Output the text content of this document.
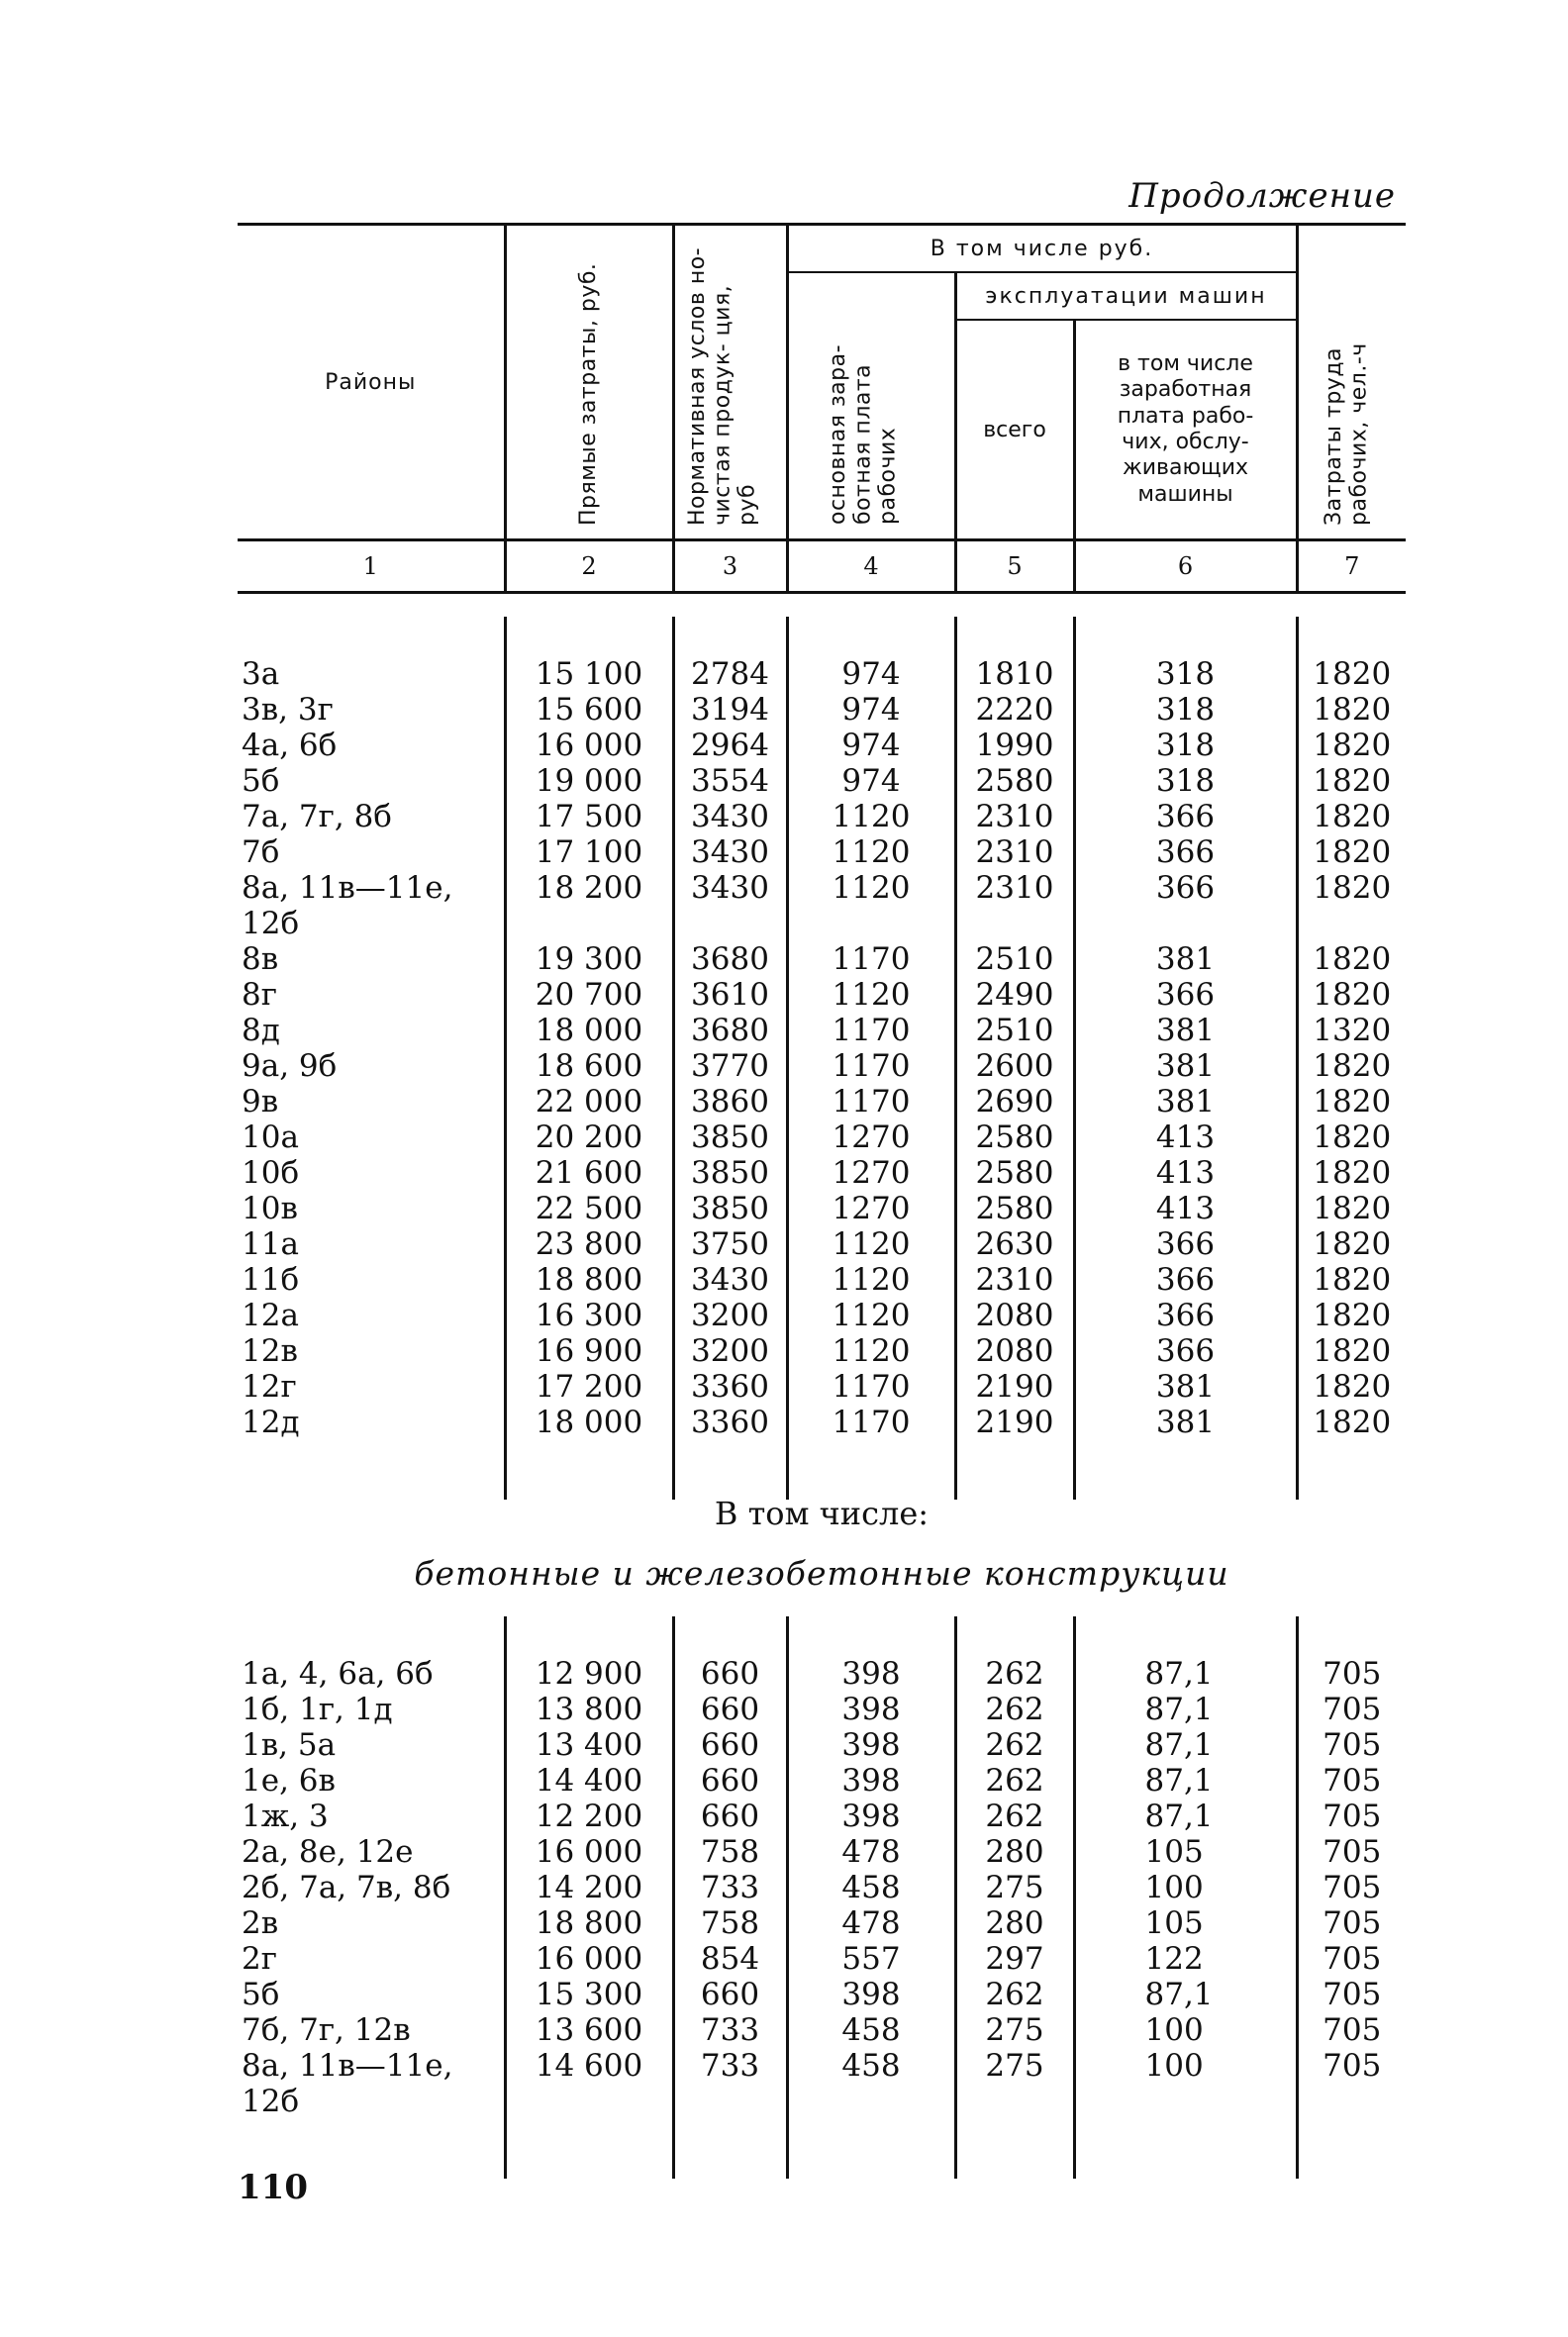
Продолжение
Районы	Прямые затраты, руб.	Нормативная услов но-чистая продук- ция, руб	В том числе руб.			Затраты труда рабочих, чел.-ч

			основная зара- ботная плата рабочих	эксплуатации машин		
				всего	в том числе заработная плата рабо- чих, обслу- живающих машины	

1	2	3	4	5	6	7

3а	15 100	2784	974	1810	318	1820
3в, 3г	15 600	3194	974	2220	318	1820
4а, 6б	16 000	2964	974	1990	318	1820
5б	19 000	3554	974	2580	318	1820
7а, 7г, 8б	17 500	3430	1120	2310	366	1820
7б	17 100	3430	1120	2310	366	1820
8а, 11в—11е, 12б	18 200	3430	1120	2310	366	1820
8в	19 300	3680	1170	2510	381	1820
8г	20 700	3610	1120	2490	366	1820
8д	18 000	3680	1170	2510	381	1320
9а, 9б	18 600	3770	1170	2600	381	1820
9в	22 000	3860	1170	2690	381	1820
10а	20 200	3850	1270	2580	413	1820
10б	21 600	3850	1270	2580	413	1820
10в	22 500	3850	1270	2580	413	1820
11а	23 800	3750	1120	2630	366	1820
11б	18 800	3430	1120	2310	366	1820
12а	16 300	3200	1120	2080	366	1820
12в	16 900	3200	1120	2080	366	1820
12г	17 200	3360	1170	2190	381	1820
12д	18 000	3360	1170	2190	381	1820

В том числе:
бетонные и железобетонные конструкции

1а, 4, 6а, 6б	12 900	660	398	262	87,1	705
1б, 1г, 1д	13 800	660	398	262	87,1	705
1в, 5а	13 400	660	398	262	87,1	705
1е, 6в	14 400	660	398	262	87,1	705
1ж, 3	12 200	660	398	262	87,1	705
2а, 8е, 12е	16 000	758	478	280	105	705
2б, 7а, 7в, 8б	14 200	733	458	275	100	705
2в	18 800	758	478	280	105	705
2г	16 000	854	557	297	122	705
5б	15 300	660	398	262	87,1	705
7б, 7г, 12в	13 600	733	458	275	100	705
8а, 11в—11е, 12б	14 600	733	458	275	100	705

110
